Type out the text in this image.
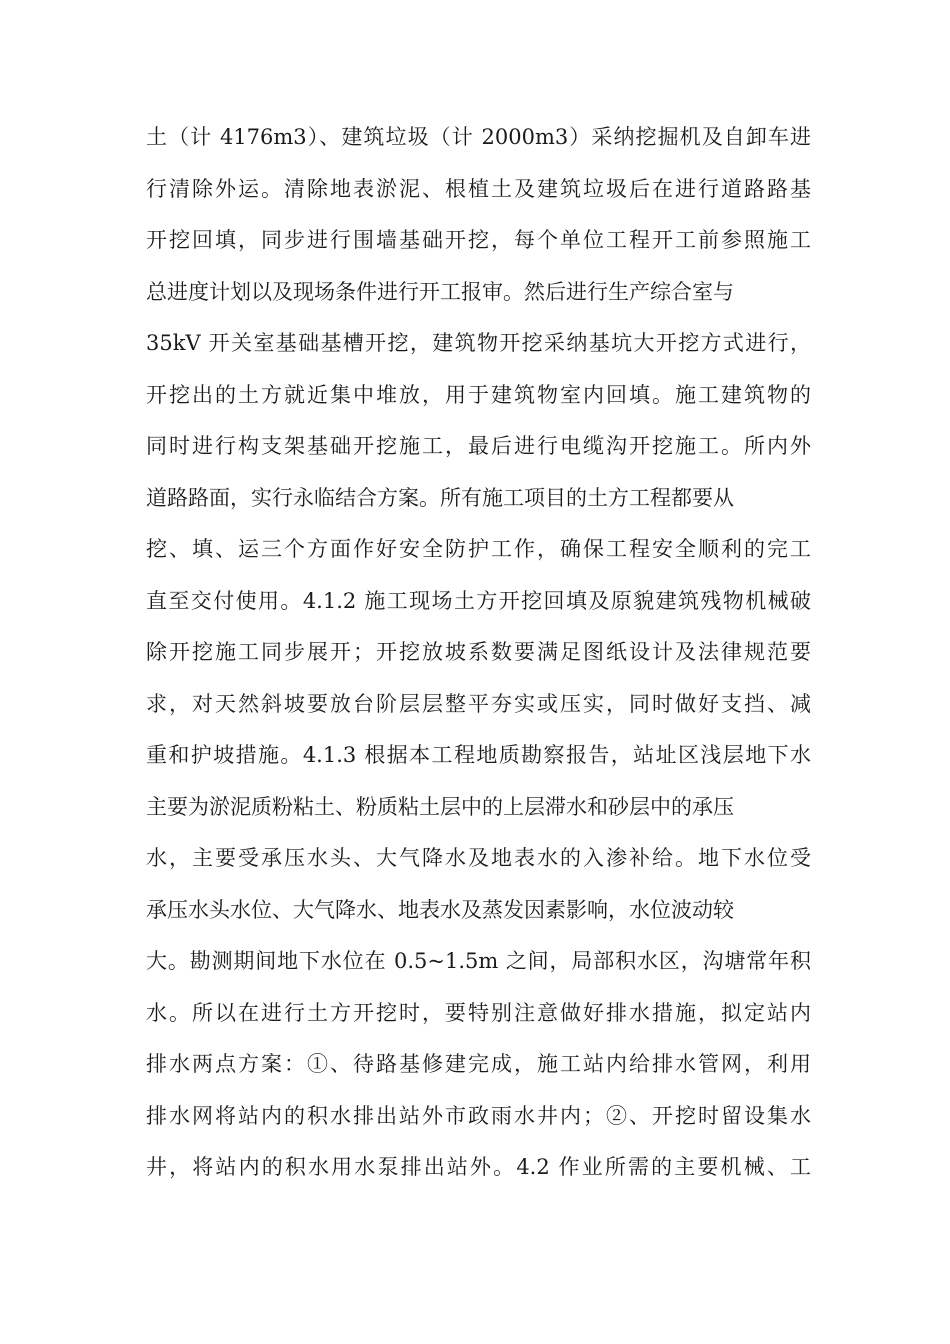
土（计 4176m3）、建筑垃圾（计 2000m3）采纳挖掘机及自卸车进
行清除外运。清除地表淤泥、根植土及建筑垃圾后在进行道路路基
开挖回填，同步进行围墙基础开挖，每个单位工程开工前参照施工
总进度计划以及现场条件进行开工报审。然后进行生产综合室与
35kV 开关室基础基槽开挖，建筑物开挖采纳基坑大开挖方式进行，
开挖出的土方就近集中堆放，用于建筑物室内回填。施工建筑物的
同时进行构支架基础开挖施工，最后进行电缆沟开挖施工。所内外
道路路面，实行永临结合方案。所有施工项目的土方工程都要从
挖、填、运三个方面作好安全防护工作，确保工程安全顺利的完工
直至交付使用。4.1.2 施工现场土方开挖回填及原貌建筑残物机械破
除开挖施工同步展开；开挖放坡系数要满足图纸设计及法律规范要
求，对天然斜坡要放台阶层层整平夯实或压实，同时做好支挡、减
重和护坡措施。4.1.3 根据本工程地质勘察报告，站址区浅层地下水
主要为淤泥质粉粘土、粉质粘土层中的上层滞水和砂层中的承压
水，主要受承压水头、大气降水及地表水的入渗补给。地下水位受
承压水头水位、大气降水、地表水及蒸发因素影响，水位波动较
大。勘测期间地下水位在 0.5~1.5m 之间，局部积水区，沟塘常年积
水。所以在进行土方开挖时，要特别注意做好排水措施，拟定站内
排水两点方案：①、待路基修建完成，施工站内给排水管网，利用
排水网将站内的积水排出站外市政雨水井内；②、开挖时留设集水
井，将站内的积水用水泵排出站外。4.2 作业所需的主要机械、工
